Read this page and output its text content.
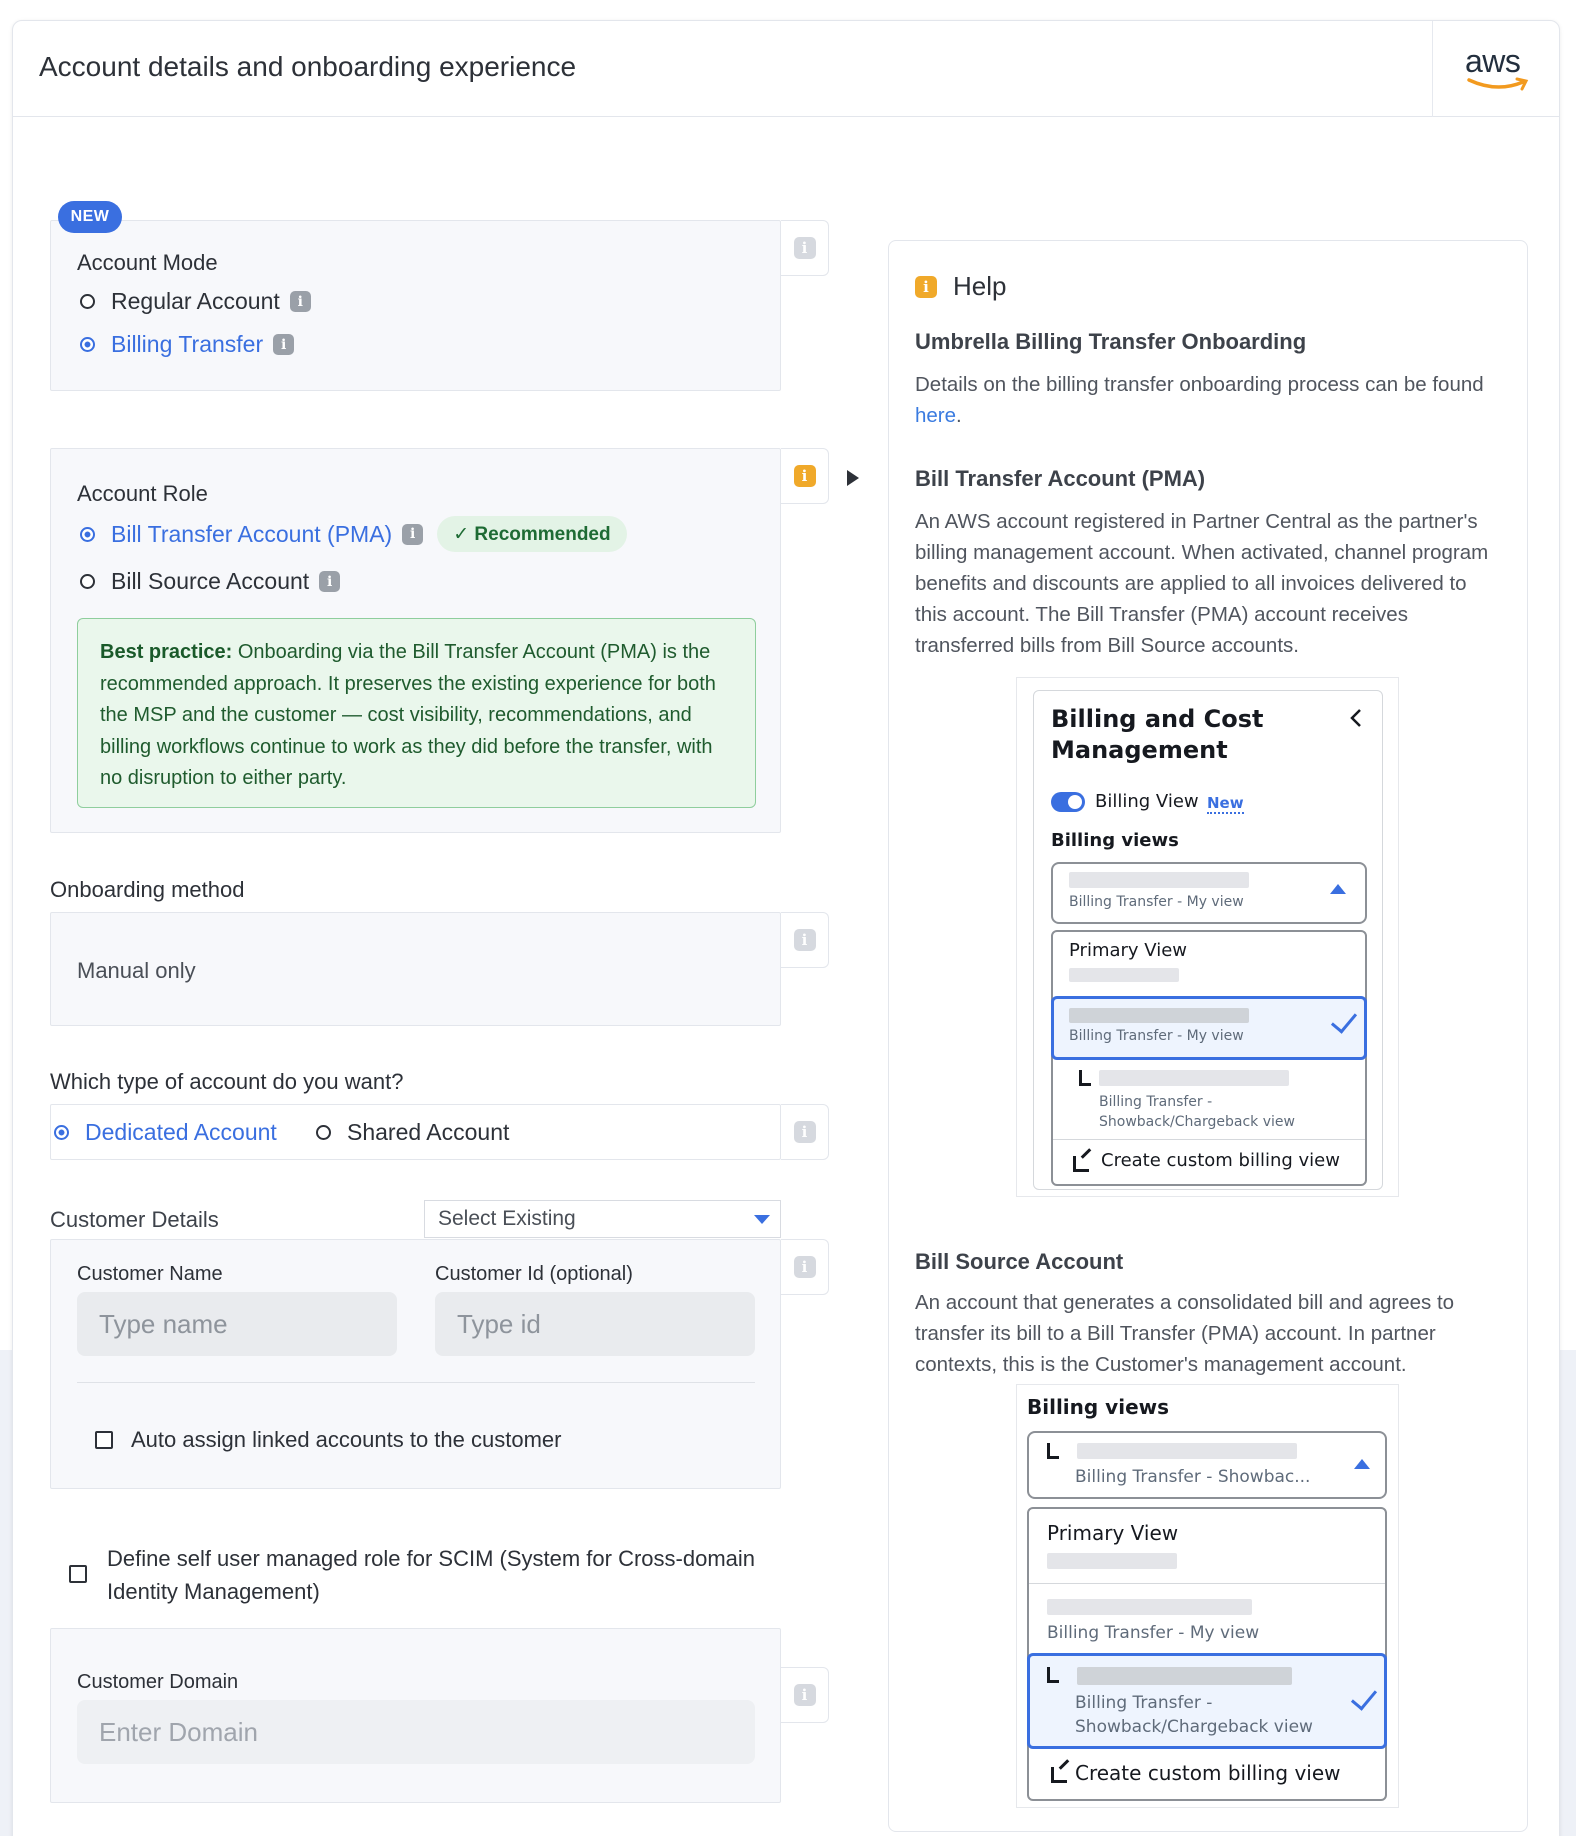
Account details and onboarding experience	aws
i
NEW
Account Mode
Regular Account	i
Billing Transfer	i
i
Account Role
Bill Transfer Account (PMA)	i	✓ Recommended
Bill Source Account	i
Best practice: Onboarding via the Bill Transfer Account (PMA) is the recommended approach. It preserves the existing experience for both the MSP and the customer — cost visibility, recommendations, and billing workflows continue to work as they did before the transfer, with no disruption to either party.
Onboarding method
i
Manual only
Which type of account do you want?
i
Dedicated Account	Shared Account
Customer Details	Select Existing
i
Customer Name
Type name
Customer Id (optional)
Type id
Auto assign linked accounts to the customer
Define self user managed role for SCIM (System for Cross-domain Identity Management)
i
Customer Domain
Enter Domain
i Help
Umbrella Billing Transfer Onboarding

Details on the billing transfer onboarding process can be found here.

Bill Transfer Account (PMA)

An AWS account registered in Partner Central as the partner's billing management account. When activated, channel program benefits and discounts are applied to all invoices delivered to this account. The Bill Transfer (PMA) account receives transferred bills from Bill Source accounts.

Billing and Cost
Management
Billing View New
Billing views
Billing Transfer - My view
Primary View
Billing Transfer - My view
Billing Transfer -
Showback/Chargeback view
Create custom billing view
Bill Source Account

An account that generates a consolidated bill and agrees to transfer its bill to a Bill Transfer (PMA) account. In partner contexts, this is the Customer's management account.

Billing views
Billing Transfer - Showbac...
Primary View
Billing Transfer - My view
Billing Transfer -
Showback/Chargeback view
Create custom billing view
